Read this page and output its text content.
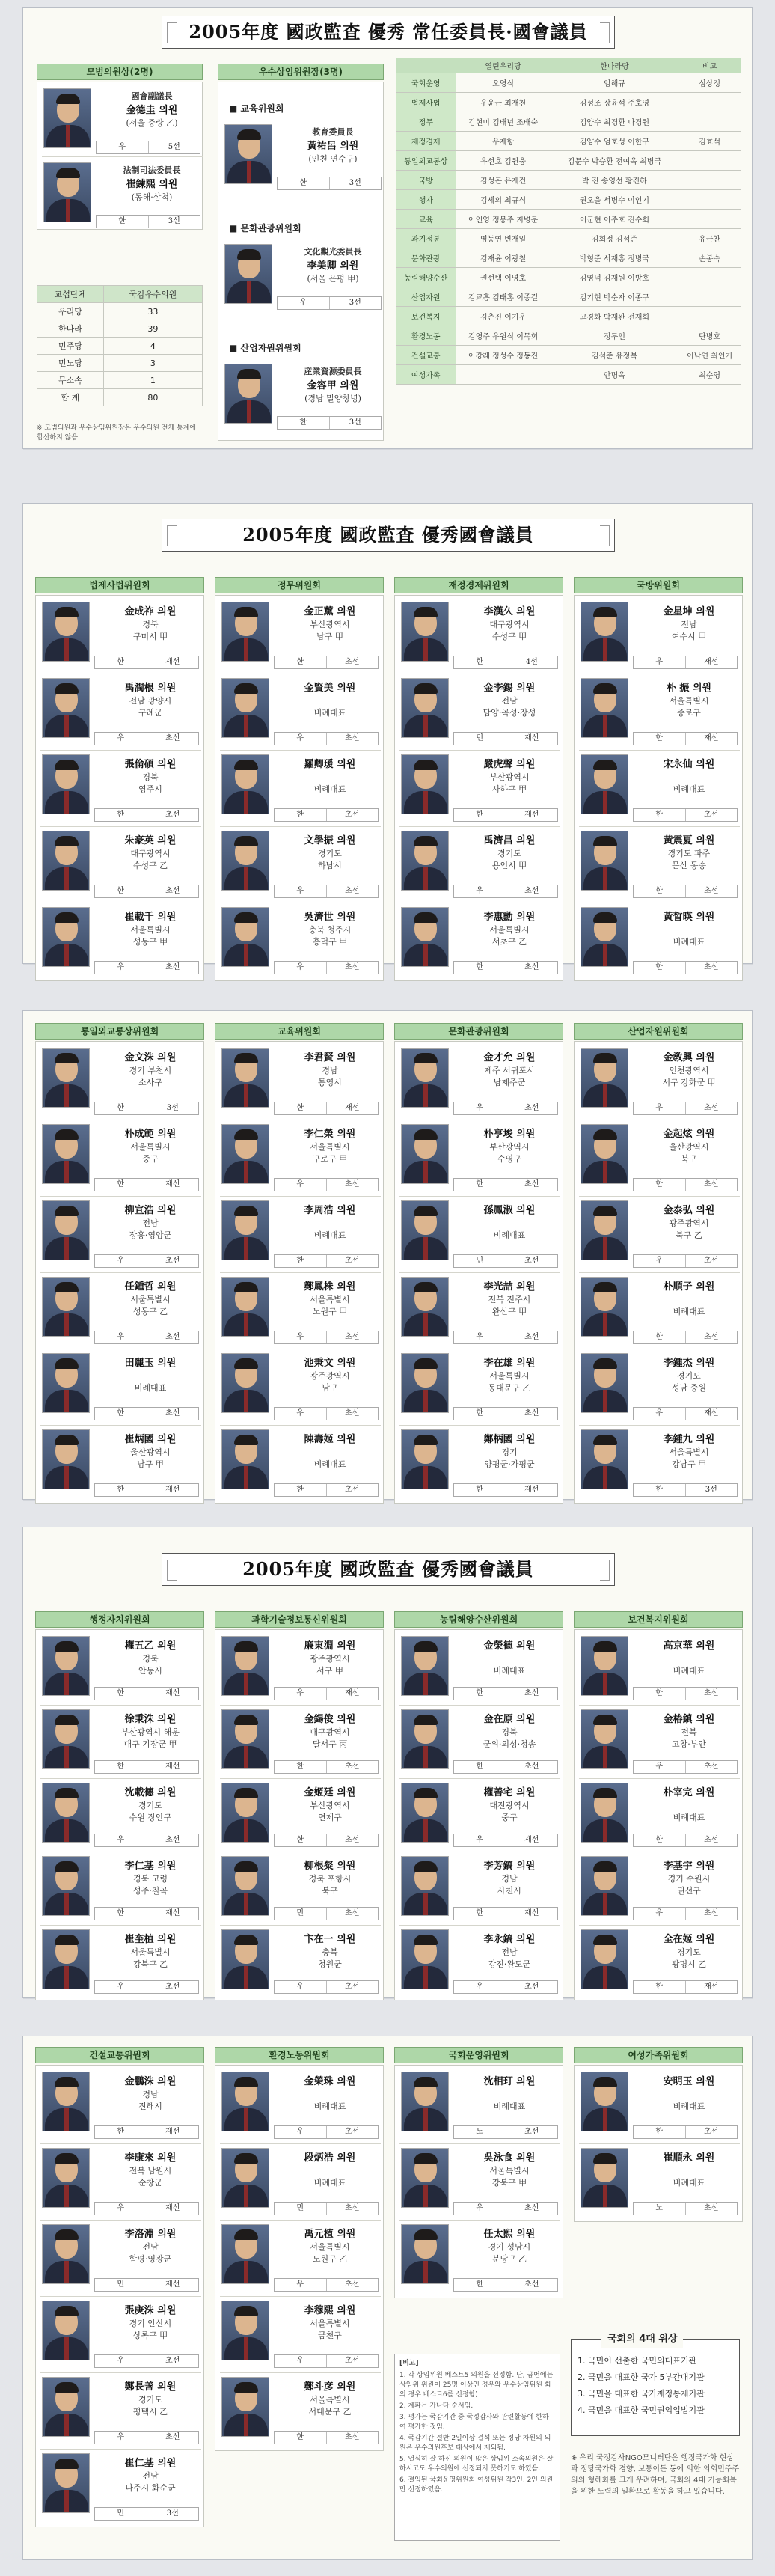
2005年度 國政監査 優秀 常任委員長·國會議員
모범의원상(2명)
國會副議長
金德圭 의원
(서울 중랑 乙)
우	5선
法制司法委員長
崔鍊熙 의원
(동해·삼척)
한	3선
교섭단체	국감우수의원
우리당	33
한나라	39
민주당	4
민노당	3
무소속	1
합 계	80
※ 모범의원과 우수상임위원장은 우수의원 전체 통계에 합산하지 않음.
우수상임위원장(3명)
■ 교육위원회
教育委員長
黃祐呂 의원
(인천 연수구)
한	3선
■ 문화관광위원회
文化觀光委員長
李美卿 의원
(서울 은평 甲)
우	3선
■ 산업자원위원회
産業資源委員長
金容甲 의원
(경남 밀양창녕)
한	3선
	열린우리당	한나라당	비고
국회운영	오영식	임해규	심상정
법제사법	우윤근 최재천	김성조 장윤석 주호영	
정무	김현미 김태년 조배숙	김양수 최경환 나경원	
재정경제	우제항	김양수 엄호성 이한구	김효석
통일외교통상	유선호 김원웅	김문수 박승환 전여옥 최병국	
국방	김성곤 유재건	박 진 송영선 황진하	
행자	김세의 최규식	권오을 서병수 이인기	
교육	이인영 정봉주 지병문	이군현 이주호 진수희	
과기정통	염동연 변재일	김희정 김석준	유근찬
문화관광	김재윤 이광철	박형준 서재홍 정병국	손봉숙
농림해양수산	권선택 이영호	김영덕 김재원 이방호	
산업자원	김교흥 김태홍 이종걸	김기현 박순자 이종구	
보건복지	김춘진 이기우	고경화 박재완 전재희	
환경노동	김영주 우원식 이목희	정두언	단병호
건설교통	이강래 정성수 정동진	김석준 유정복	이낙연 최인기
여성가족		안명옥	최순영
2005年度 國政監査 優秀國會議員
법제사법위원회
金成祚 의원
경북
구미시 甲
한	재선
禹潤根 의원
전남 광양시
구례군
우	초선
張倫碩 의원
경북
영주시
한	초선
朱豪英 의원
대구광역시
수성구 乙
한	초선
崔載千 의원
서울특별시
성동구 甲
우	초선
정무위원회
金正薰 의원
부산광역시
남구 甲
한	초선
金賢美 의원
비례대표
우	초선
羅卿瑗 의원
비례대표
한	초선
文學振 의원
경기도
하남시
우	초선
吳濟世 의원
충북 청주시
흥덕구 甲
우	초선
재정경제위원회
李漢久 의원
대구광역시
수성구 甲
한	4선
金李錫 의원
전남
담양·곡성·장성
민	재선
嚴虎聲 의원
부산광역시
사하구 甲
한	재선
禹濟昌 의원
경기도
용인시 甲
우	초선
李惠勳 의원
서울특별시
서초구 乙
한	초선
국방위원회
金星坤 의원
전남
여수시 甲
우	재선
朴 振 의원
서울특별시
종로구
한	재선
宋永仙 의원
비례대표
한	초선
黃震夏 의원
경기도 파주
문산 동송
한	초선
黃晳暎 의원
비례대표
한	초선
통일외교통상위원회
金文洙 의원
경기 부천시
소사구
한	3선
朴成範 의원
서울특별시
중구
한	재선
柳宣浩 의원
전남
장흥·영암군
우	초선
任鍾哲 의원
서울특별시
성동구 乙
우	초선
田麗玉 의원
비례대표
한	초선
崔炳國 의원
울산광역시
남구 甲
한	재선
교육위원회
李君賢 의원
경남
통영시
한	재선
李仁榮 의원
서울특별시
구로구 甲
우	초선
李周浩 의원
비례대표
한	초선
鄭鳳株 의원
서울특별시
노원구 甲
우	초선
池秉文 의원
광주광역시
남구
우	초선
陳壽姬 의원
비례대표
한	초선
문화관광위원회
金才允 의원
제주 서귀포시
남제주군
우	초선
朴亨埈 의원
부산광역시
수영구
한	초선
孫鳳淑 의원
비례대표
민	초선
李光喆 의원
전북 전주시
완산구 甲
우	초선
李在雄 의원
서울특별시
동대문구 乙
한	초선
鄭柄國 의원
경기
양평군·가평군
한	재선
산업자원위원회
金敎興 의원
인천광역시
서구 강화군 甲
우	초선
金起炫 의원
울산광역시
북구
한	초선
金泰弘 의원
광주광역시
북구 乙
우	초선
朴順子 의원
비례대표
한	초선
李鍾杰 의원
경기도
성남 중원
우	재선
李鍾九 의원
서울특별시
강남구 甲
한	3선
2005年度 國政監査 優秀國會議員
행정자치위원회
權五乙 의원
경북
안동시
한	재선
徐秉洙 의원
부산광역시 해운
대구 기장군 甲
한	재선
沈載德 의원
경기도
수원 장안구
우	초선
李仁基 의원
경북 고령
성주·칠곡
한	재선
崔奎植 의원
서울특별시
강북구 乙
우	초선
과학기술정보통신위원회
廉東淵 의원
광주광역시
서구 甲
우	재선
金錫俊 의원
대구광역시
달서구 丙
한	초선
金姬廷 의원
부산광역시
연제구
한	초선
柳根粲 의원
경북 포항시
북구
민	초선
卞在一 의원
충북
청원군
우	초선
농림해양수산위원회
金榮德 의원
비례대표
한	초선
金在原 의원
경북
군위·의성·청송
한	초선
權善宅 의원
대전광역시
중구
우	재선
李芳鎬 의원
경남
사천시
한	재선
李永鎬 의원
전남
강진·완도군
우	초선
보건복지위원회
高京華 의원
비례대표
한	초선
金椿鎮 의원
전북
고창·부안
우	초선
朴宰完 의원
비례대표
한	초선
李基宇 의원
경기 수원시
권선구
우	초선
全在姬 의원
경기도
광명시 乙
한	재선
[비고]
1. 각 상임위원 베스트5 의원을 선정함. 단, 금번에는 상임위 위원이 25명 이상인 경우와 우수상임위원 회의 경우 베스트6를 선정함)
2. 계파는 가나다 순서임.
3. 평가는 국감기간 중 국정감사와 관련활동에 한하여 평가한 것임.
4. 국감기간 절반 2일이상 결석 또는 정당 차원의 의원은 우수의원후보 대상에서 제외됨.
5. 열심히 잘 하신 의원이 많은 상임위 소속의원은 잘하시고도 우수의원에 선정되지 못하기도 하였음.
6. 결임된 국회운영위원회 여성위원 각3인, 2인 의원만 선정하였음.
국회의 4대 위상
1. 국민이 선출한 국민의대표기관
2. 국민을 대표한 국가 5부간대기관
3. 국민을 대표한 국가재정통제기관
4. 국민을 대표한 국민권익입법기관
※ 우리 국정감사NGO모니터단은 행정국가화 현상과 정당국가화 경향, 보통이든 동에 의한 의회민주주의의 형해화를 크게 우려하며, 국회의 4대 기능회복을 위한 노력의 일환으로 활동을 하고 있습니다.
건설교통위원회
金鵬洙 의원
경남
진해시
한	재선
李康來 의원
전북 남원시
순창군
우	재선
李洛淵 의원
전남
함평·영광군
민	재선
張庚洙 의원
경기 안산시
상록구 甲
우	초선
鄭長善 의원
경기도
평택시 乙
우	초선
崔仁基 의원
전남
나주시 화순군
민	3선
환경노동위원회
金榮珠 의원
비례대표
우	초선
段炳浩 의원
비례대표
민	초선
禹元植 의원
서울특별시
노원구 乙
우	초선
李穆熙 의원
서울특별시
금천구
우	초선
鄭斗彦 의원
서울특별시
서대문구 乙
한	초선
국회운영위원회
沈相玎 의원
비례대표
노	초선
吳泳食 의원
서울특별시
강북구 甲
우	초선
任太熙 의원
경기 성남시
분당구 乙
한	초선
여성가족위원회
安明玉 의원
비례대표
한	초선
崔順永 의원
비례대표
노	초선
